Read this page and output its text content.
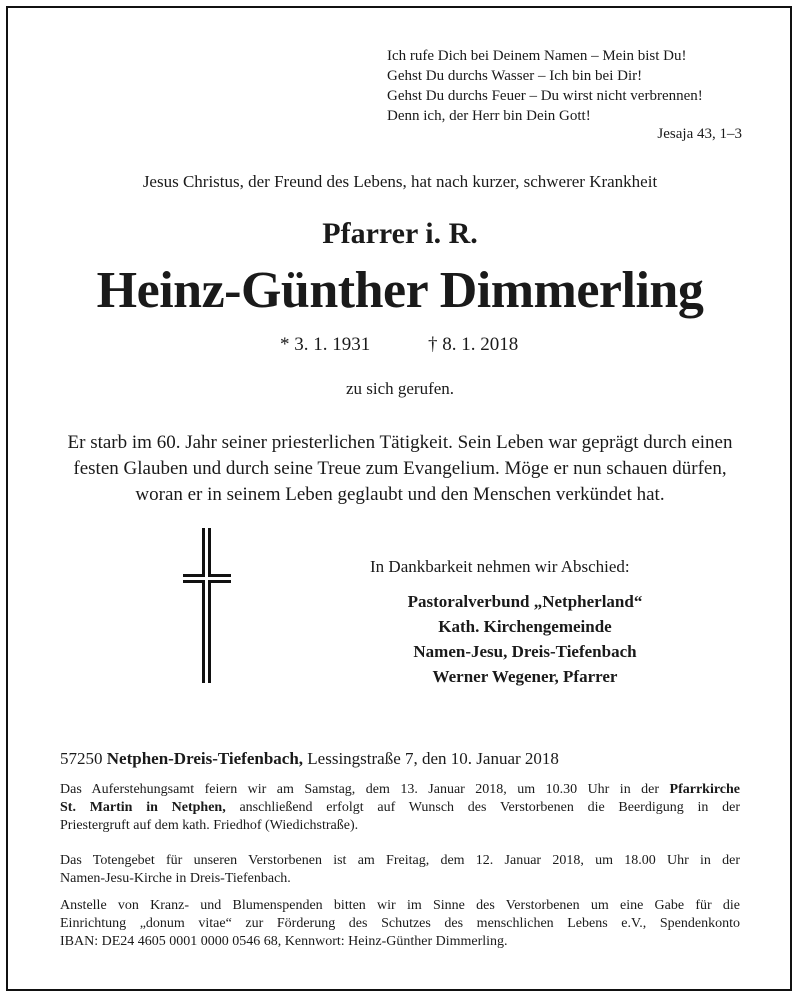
Ich rufe Dich bei Deinem Namen – Mein bist Du!
Gehst Du durchs Wasser – Ich bin bei Dir!
Gehst Du durchs Feuer – Du wirst nicht verbrennen!
Denn ich, der Herr bin Dein Gott!
Jesaja 43, 1–3
Jesus Christus, der Freund des Lebens, hat nach kurzer, schwerer Krankheit
Pfarrer i. R.
Heinz-Günther Dimmerling
* 3. 1. 1931	† 8. 1. 2018
zu sich gerufen.
Er starb im 60. Jahr seiner priesterlichen Tätigkeit. Sein Leben war geprägt durch einen
festen Glauben und durch seine Treue zum Evangelium. Möge er nun schauen dürfen,
woran er in seinem Leben geglaubt und den Menschen verkündet hat.
In Dankbarkeit nehmen wir Abschied:
Pastoralverbund „Netpherland“
Kath. Kirchengemeinde
Namen-Jesu, Dreis-Tiefenbach
Werner Wegener, Pfarrer
57250 Netphen-Dreis-Tiefenbach, Lessingstraße 7, den 10. Januar 2018
Das Auferstehungsamt feiern wir am Samstag, dem 13. Januar 2018, um 10.30 Uhr in der Pfarrkirche
St. Martin in Netphen, anschließend erfolgt auf Wunsch des Verstorbenen die Beerdigung in der
Priestergruft auf dem kath. Friedhof (Wiedichstraße).
Das Totengebet für unseren Verstorbenen ist am Freitag, dem 12. Januar 2018, um 18.00 Uhr in der
Namen-Jesu-Kirche in Dreis-Tiefenbach.
Anstelle von Kranz- und Blumenspenden bitten wir im Sinne des Verstorbenen um eine Gabe für die
Einrichtung „donum vitae“ zur Förderung des Schutzes des menschlichen Lebens e.V., Spendenkonto
IBAN: DE24 4605 0001 0000 0546 68, Kennwort: Heinz-Günther Dimmerling.
